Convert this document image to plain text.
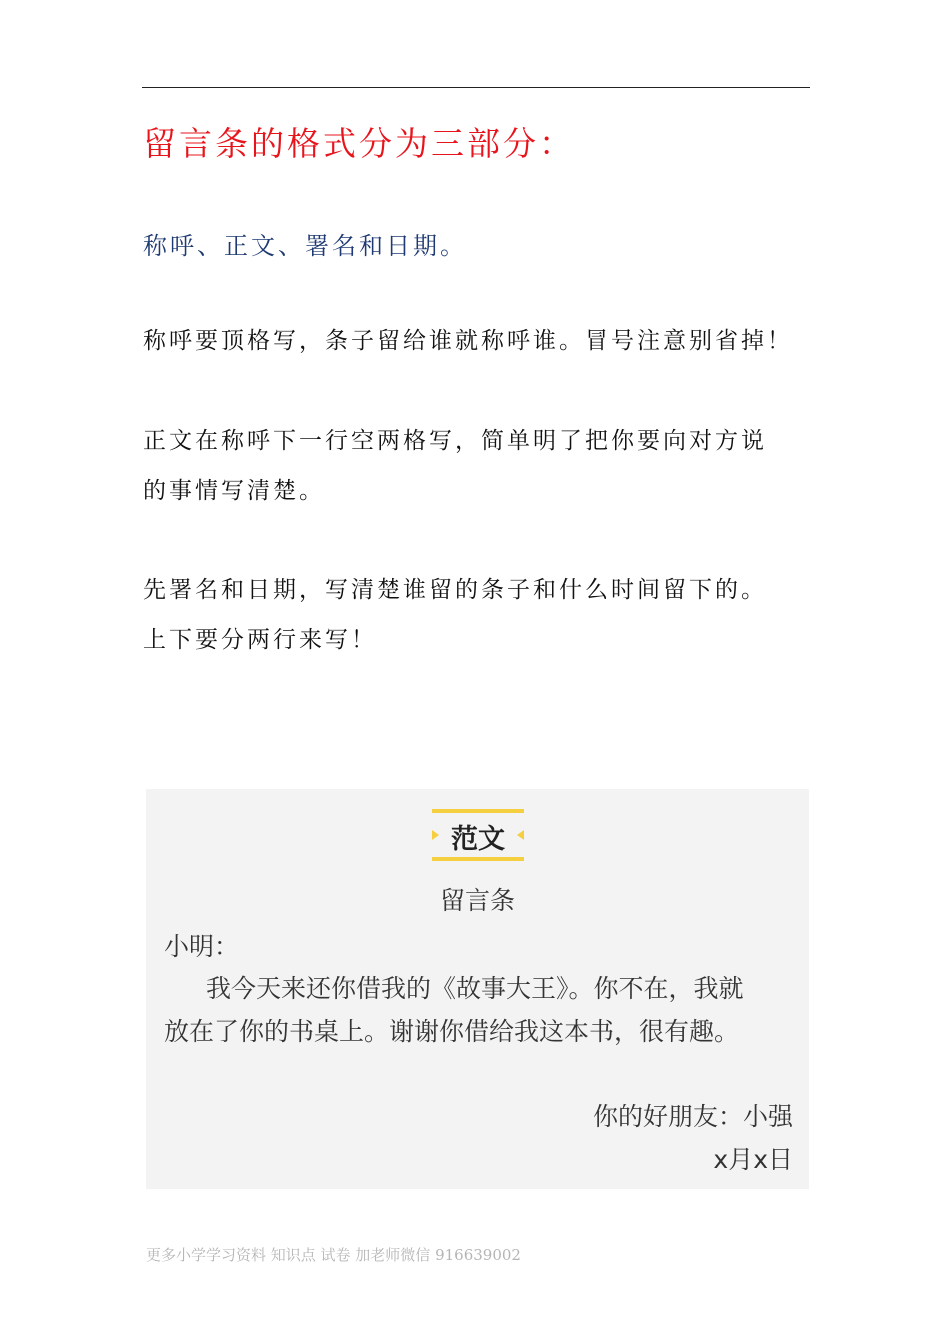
留言条的格式分为三部分：
称呼、正文、署名和日期。
称呼要顶格写，条子留给谁就称呼谁。冒号注意别省掉！
正文在称呼下一行空两格写，简单明了把你要向对方说
的事情写清楚。
先署名和日期，写清楚谁留的条子和什么时间留下的。
上下要分两行来写！
范文
留言条
小明：
我今天来还你借我的《故事大王》。你不在，我就
放在了你的书桌上。谢谢你借给我这本书，很有趣。
你的好朋友：小强
x月x日
更多小学学习资料 知识点 试卷 加老师微信 916639002
